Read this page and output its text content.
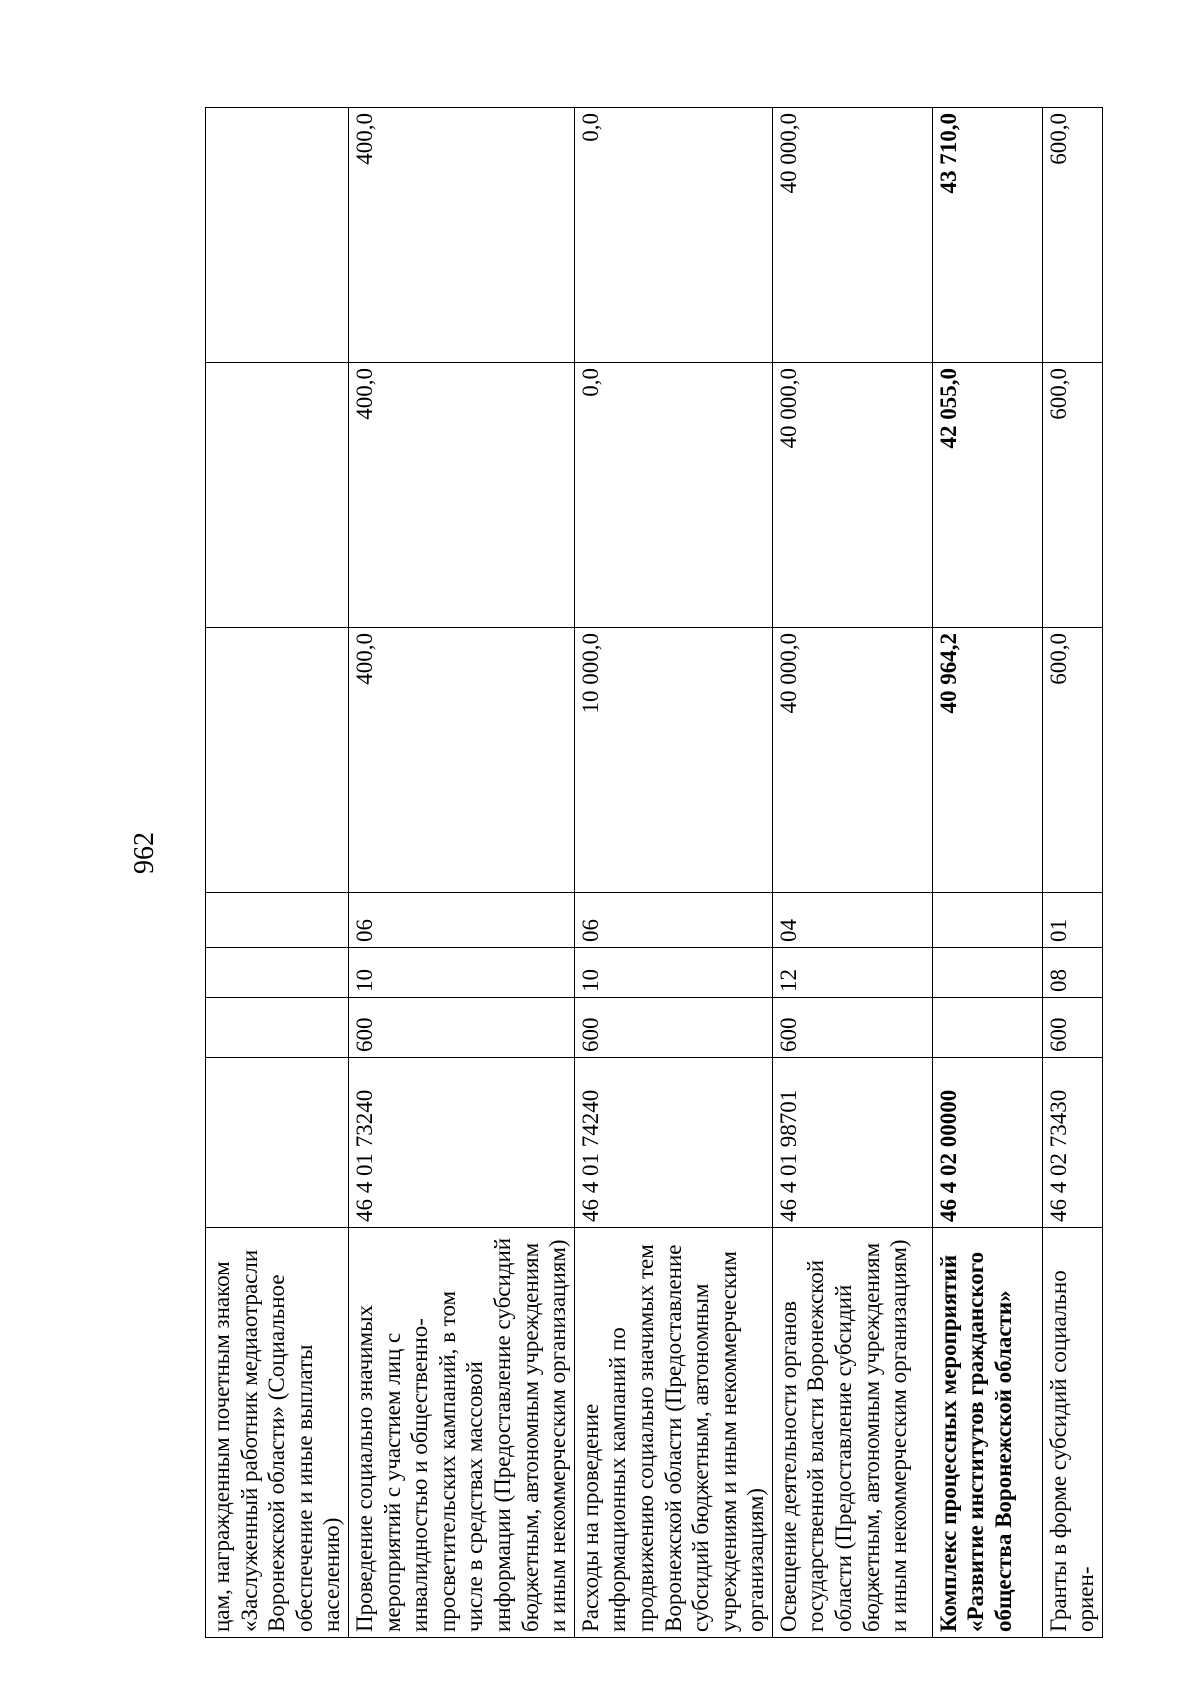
962
цам, награжденным почетным знаком «Заслуженный работник медиаотрасли Воронежской области» (Социальное обеспечение и иные выплаты населению)							
Проведение социально значимых мероприятий с участием лиц с инвалидностью и общественно-просветительских кампаний, в том числе в средствах массовой информации (Предоставление субсидий бюджетным, автономным учреждениям и иным некоммерческим организациям)	46 4 01 73240	600	10	06	400,0	400,0	400,0
Расходы на проведение информационных кампаний по продвижению социально значимых тем Воронежской области (Предоставление субсидий бюджетным, автономным учреждениям и иным некоммерческим организациям)	46 4 01 74240	600	10	06	10 000,0	0,0	0,0
Освещение деятельности органов государственной власти Воронежской области (Предоставление субсидий бюджетным, автономным учреждениям и иным некоммерческим организациям)	46 4 01 98701	600	12	04	40 000,0	40 000,0	40 000,0
Комплекс процессных мероприятий «Развитие институтов гражданского общества Воронежской области»	46 4 02 00000				40 964,2	42 055,0	43 710,0
Гранты в форме субсидий социально ориен-	46 4 02 73430	600	08	01	600,0	600,0	600,0
